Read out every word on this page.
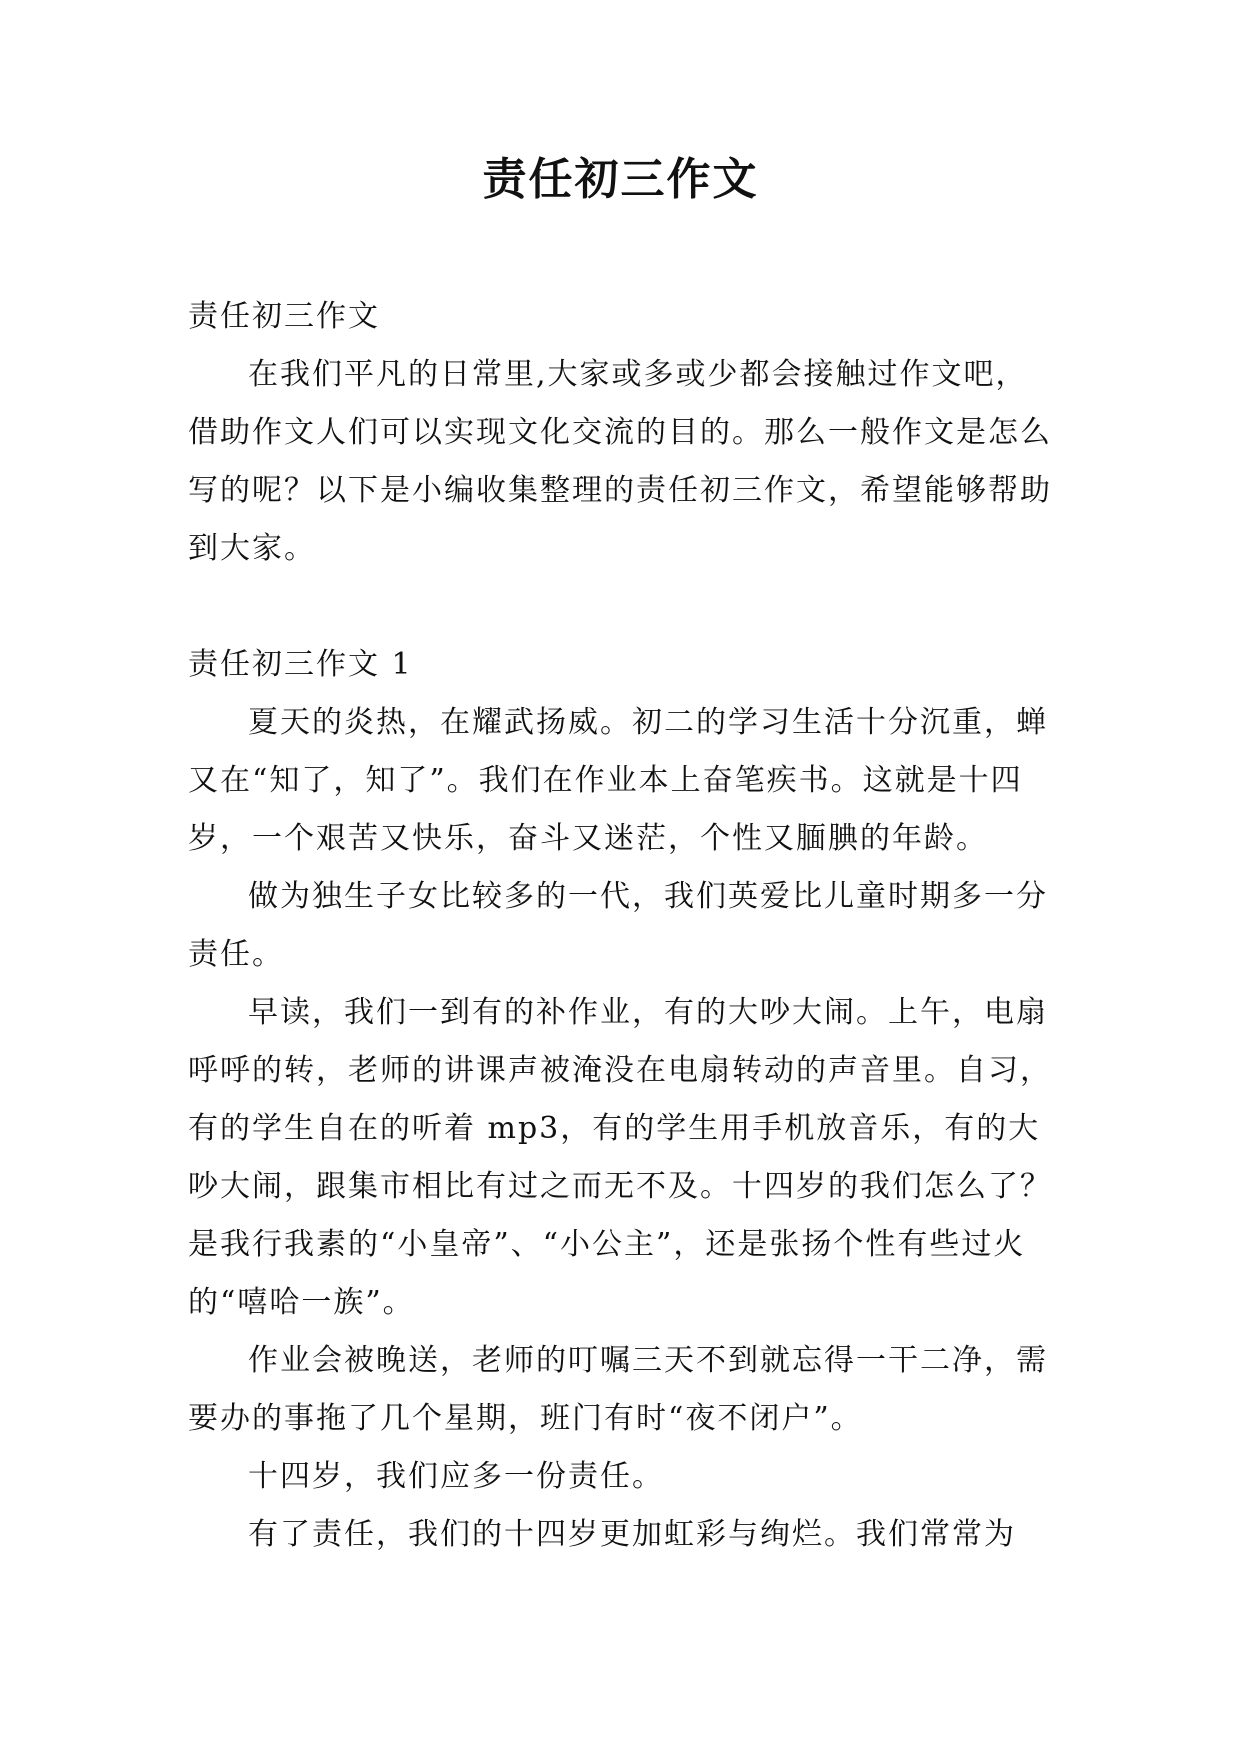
责任初三作文

责任初三作文

在我们平凡的日常里,大家或多或少都会接触过作文吧，借助作文人们可以实现文化交流的目的。那么一般作文是怎么写的呢？以下是小编收集整理的责任初三作文，希望能够帮助到大家。

责任初三作文 1

夏天的炎热，在耀武扬威。初二的学习生活十分沉重，蝉又在“知了，知了”。我们在作业本上奋笔疾书。这就是十四岁，一个艰苦又快乐，奋斗又迷茫，个性又腼腆的年龄。

做为独生子女比较多的一代，我们英爱比儿童时期多一分责任。

早读，我们一到有的补作业，有的大吵大闹。上午，电扇呼呼的转，老师的讲课声被淹没在电扇转动的声音里。自习，有的学生自在的听着 mp3，有的学生用手机放音乐，有的大吵大闹，跟集市相比有过之而无不及。十四岁的我们怎么了？是我行我素的“小皇帝”、“小公主”，还是张扬个性有些过火的“嘻哈一族”。

作业会被晚送，老师的叮嘱三天不到就忘得一干二净，需要办的事拖了几个星期，班门有时“夜不闭户”。

十四岁，我们应多一份责任。

有了责任，我们的十四岁更加虹彩与绚烂。我们常常为
